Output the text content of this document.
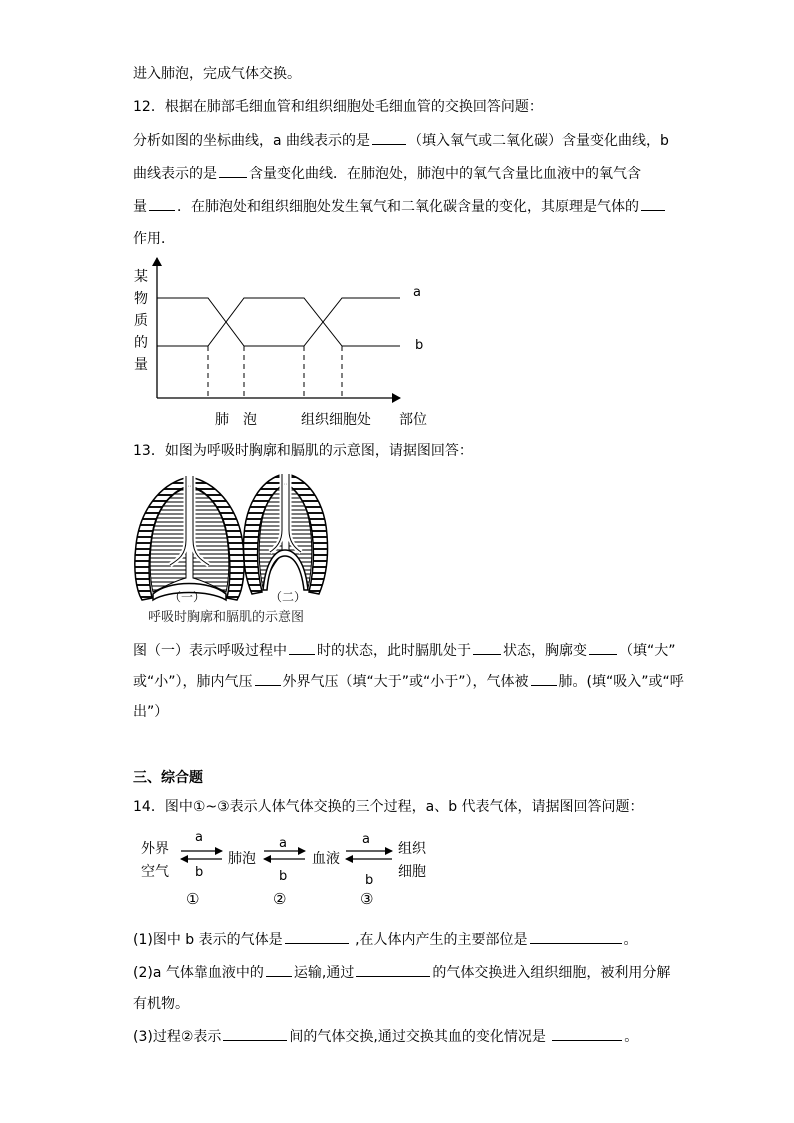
进入肺泡，完成气体交换。
12．根据在肺部毛细血管和组织细胞处毛细血管的交换回答问题：
分析如图的坐标曲线，a 曲线表示的是	（填入氧气或二氧化碳）含量变化曲线，b
曲线表示的是 含量变化曲线．在肺泡处，肺泡中的氧气含量比血液中的氧气含
量 ．在肺泡处和组织细胞处发生氧气和二氧化碳含量的变化，其原理是气体的
作用．
某
物
质
的
量
a
b
肺　泡	组织细胞处 部位
13．如图为呼吸时胸廓和膈肌的示意图，请据图回答：
（一）	（二）
呼吸时胸廓和膈肌的示意图
图（一）表示呼吸过程中 时的状态，此时膈肌处于 状态，胸廓变 （填“大”
或“小”），肺内气压 外界气压（填“大于”或“小于”），气体被 肺。(填“吸入”或“呼
出”）
三、综合题
14．图中①~③表示人体气体交换的三个过程，a、b 代表气体，请据图回答问题：
外界
空气
肺泡	血液
组织
细胞
a
b
a
b
a
b
①	②	③
(1)图中 b 表示的气体是	,在人体内产生的主要部位是	。
(2)a 气体靠血液中的 运输,通过	的气体交换进入组织细胞，被利用分解
有机物。
(3)过程②表示	间的气体交换,通过交换其血的变化情况是	。
